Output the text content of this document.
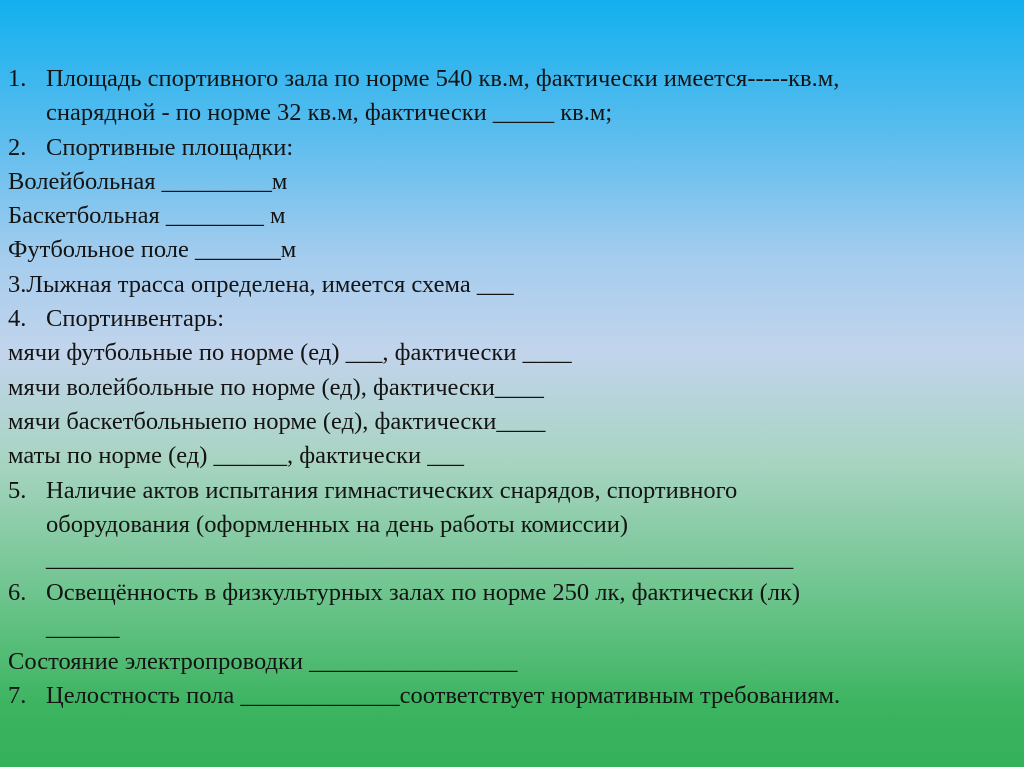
1. Площадь спортивного зала по норме 540 кв.м, фактически имеется-----кв.м,
снарядной - по норме 32 кв.м, фактически _____ кв.м;
2. Спортивные площадки:
Волейбольная _________м
Баскетбольная ________ м
Футбольное поле _______м
3.Лыжная трасса определена, имеется схема ___
4. Спортинвентарь:
мячи футбольные по норме (ед) ___, фактически ____
мячи волейбольные по норме (ед), фактически____
мячи баскетбольныепо норме (ед), фактически____
маты по норме (ед) ______, фактически ___
5. Наличие актов испытания гимнастических снарядов, спортивного
оборудования (оформленных на день работы комиссии)
_____________________________________________________________
6. Освещённость в физкультурных залах по норме 250 лк, фактически (лк)
______
Состояние электропроводки _________________
7. Целостность пола _____________соответствует нормативным требованиям.
